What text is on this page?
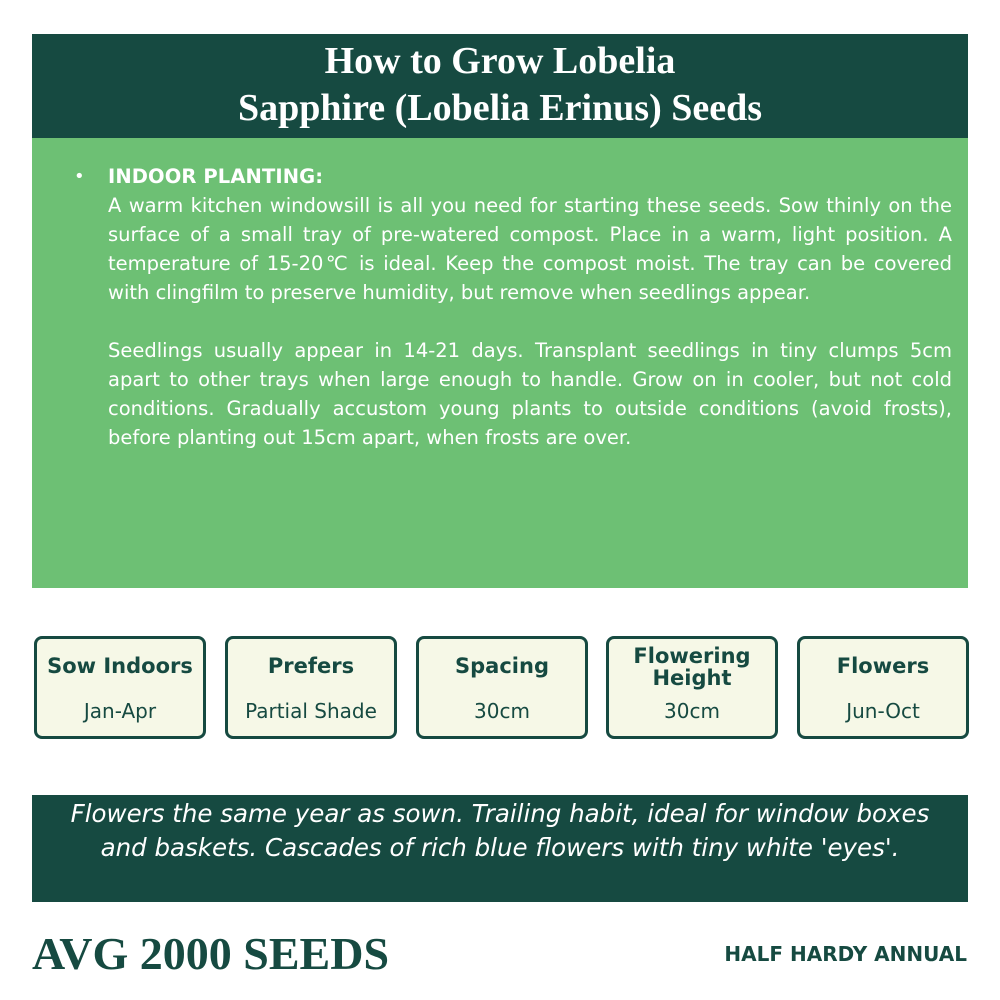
How to Grow Lobelia
Sapphire (Lobelia Erinus) Seeds
•	INDOOR PLANTING:
A warm kitchen windowsill is all you need for starting these seeds. Sow thinly on the surface of a small tray of pre-watered compost. Place in a warm, light position. A temperature of 15-20℃ is ideal. Keep the compost moist. The tray can be covered with clingfilm to preserve humidity, but remove when seedlings appear.
Seedlings usually appear in 14-21 days. Transplant seedlings in tiny clumps 5cm apart to other trays when large enough to handle. Grow on in cooler, but not cold conditions. Gradually accustom young plants to outside conditions (avoid frosts), before planting out 15cm apart, when frosts are over.
Sow Indoors
Jan-Apr
Prefers
Partial Shade
Spacing
30cm
Flowering
Height
30cm
Flowers
Jun-Oct
Flowers the same year as sown. Trailing habit, ideal for window boxes and baskets. Cascades of rich blue flowers with tiny white 'eyes'.
AVG 2000 SEEDS	HALF HARDY ANNUAL
